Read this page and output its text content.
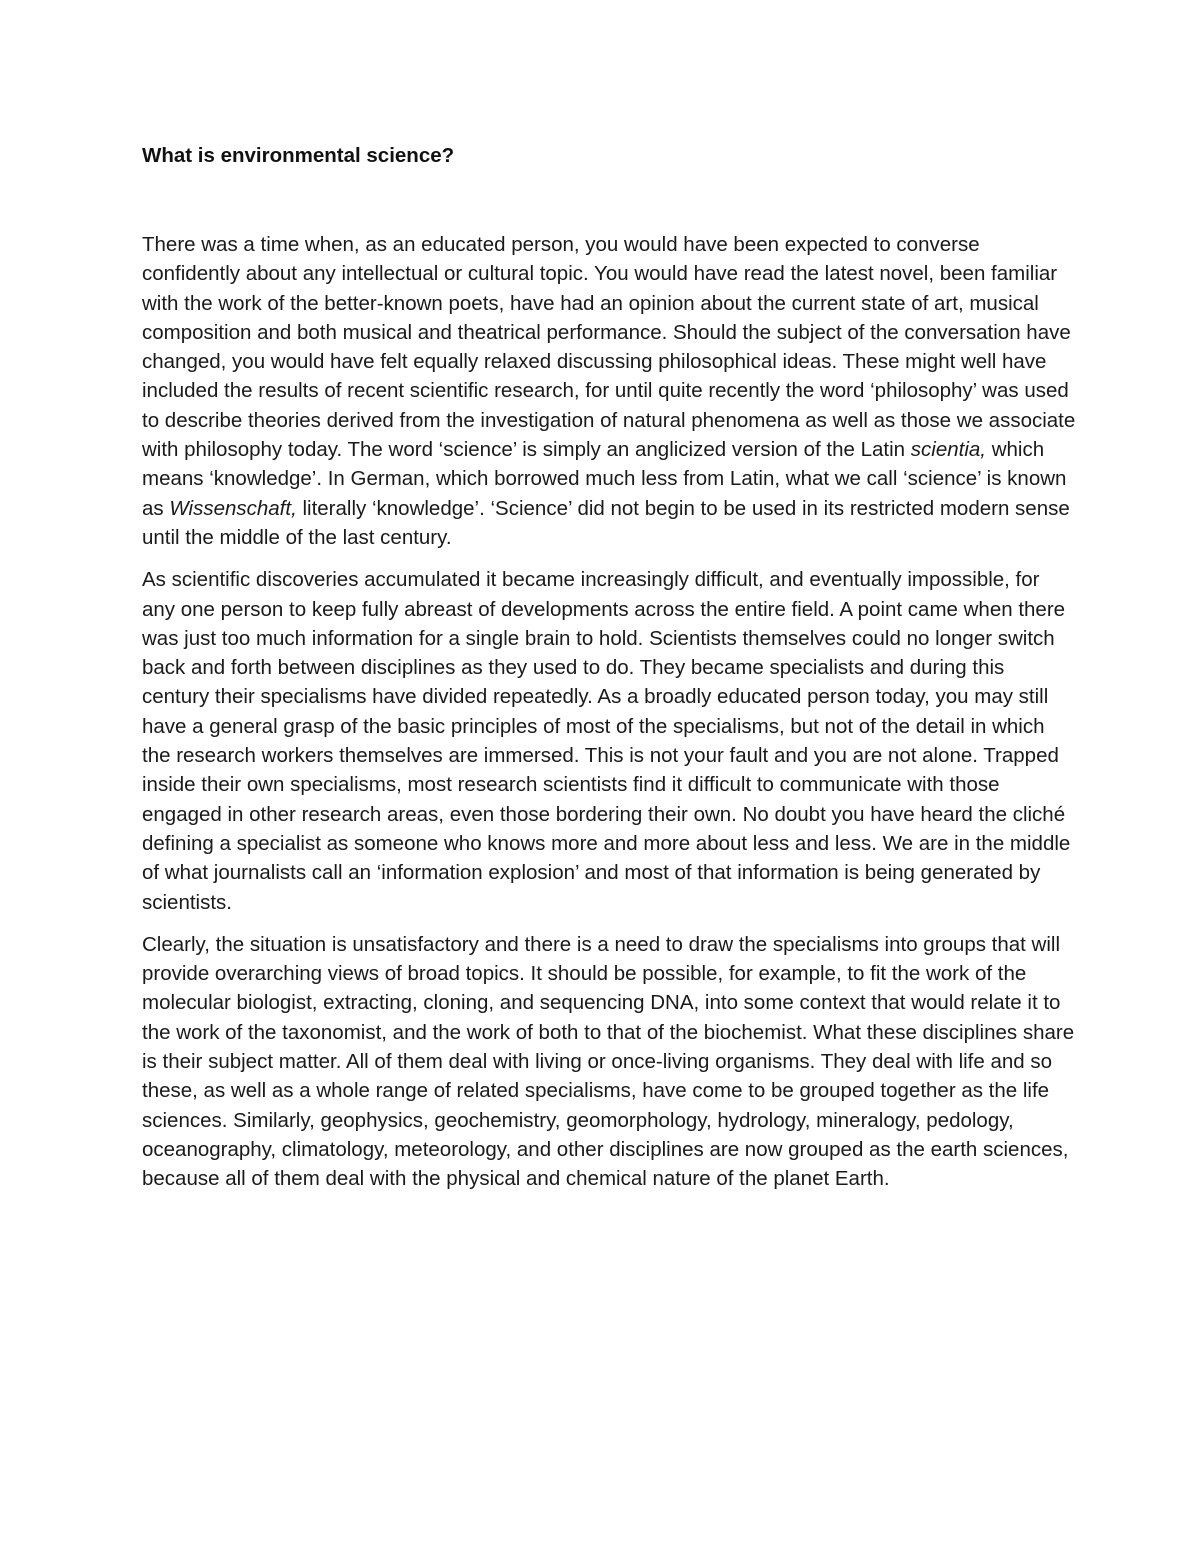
What is environmental science?

There was a time when, as an educated person, you would have been expected to converse confidently about any intellectual or cultural topic. You would have read the latest novel, been familiar with the work of the better-known poets, have had an opinion about the current state of art, musical composition and both musical and theatrical performance. Should the subject of the conversation have changed, you would have felt equally relaxed discussing philosophical ideas. These might well have included the results of recent scientific research, for until quite recently the word ‘philosophy’ was used to describe theories derived from the investigation of natural phenomena as well as those we associate with philosophy today. The word ‘science’ is simply an anglicized version of the Latin scientia, which means ‘knowledge’. In German, which borrowed much less from Latin, what we call ‘science’ is known as Wissenschaft, literally ‘knowledge’. ‘Science’ did not begin to be used in its restricted modern sense until the middle of the last century.

As scientific discoveries accumulated it became increasingly difficult, and eventually impossible, for any one person to keep fully abreast of developments across the entire field. A point came when there was just too much information for a single brain to hold. Scientists themselves could no longer switch back and forth between disciplines as they used to do. They became specialists and during this century their specialisms have divided repeatedly. As a broadly educated person today, you may still have a general grasp of the basic principles of most of the specialisms, but not of the detail in which the research workers themselves are immersed. This is not your fault and you are not alone. Trapped inside their own specialisms, most research scientists find it difficult to communicate with those engaged in other research areas, even those bordering their own. No doubt you have heard the cliché defining a specialist as someone who knows more and more about less and less. We are in the middle of what journalists call an ‘information explosion’ and most of that information is being generated by scientists.

Clearly, the situation is unsatisfactory and there is a need to draw the specialisms into groups that will provide overarching views of broad topics. It should be possible, for example, to fit the work of the molecular biologist, extracting, cloning, and sequencing DNA, into some context that would relate it to the work of the taxonomist, and the work of both to that of the biochemist. What these disciplines share is their subject matter. All of them deal with living or once-living organisms. They deal with life and so these, as well as a whole range of related specialisms, have come to be grouped together as the life sciences. Similarly, geophysics, geochemistry, geomorphology, hydrology, mineralogy, pedology, oceanography, climatology, meteorology, and other disciplines are now grouped as the earth sciences, because all of them deal with the physical and chemical nature of the planet Earth.
